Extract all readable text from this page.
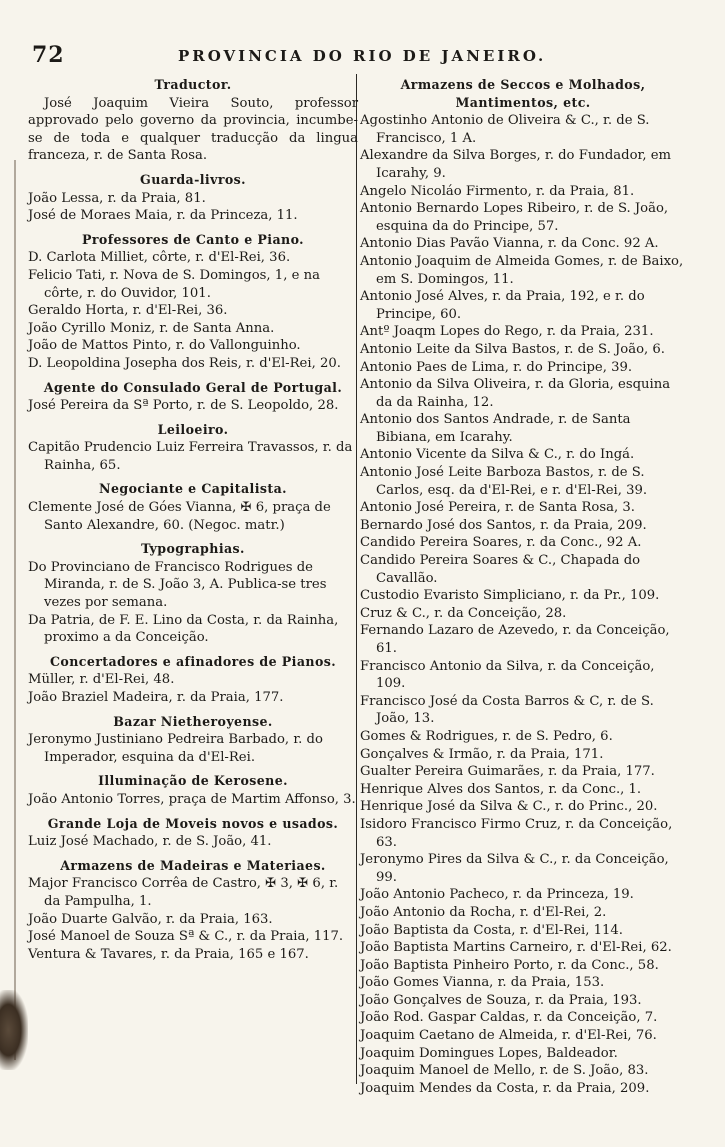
72	PROVINCIA DO RIO DE JANEIRO.
Traductor.
José Joaquim Vieira Souto, professor approvado pelo governo da provincia, incumbe-se de toda e qualquer traducção da lingua franceza, r. de Santa Rosa.
Guarda-livros.
João Lessa, r. da Praia, 81.
José de Moraes Maia, r. da Princeza, 11.
Professores de Canto e Piano.
D. Carlota Milliet, côrte, r. d'El-Rei, 36.
Felicio Tati, r. Nova de S. Domingos, 1, e na côrte, r. do Ouvidor, 101.
Geraldo Horta, r. d'El-Rei, 36.
João Cyrillo Moniz, r. de Santa Anna.
João de Mattos Pinto, r. do Vallonguinho.
D. Leopoldina Josepha dos Reis, r. d'El-Rei, 20.
Agente do Consulado Geral de Portugal.
José Pereira da Sª Porto, r. de S. Leopoldo, 28.
Leiloeiro.
Capitão Prudencio Luiz Ferreira Travassos, r. da Rainha, 65.
Negociante e Capitalista.
Clemente José de Góes Vianna, ✠ 6, praça de Santo Alexandre, 60. (Negoc. matr.)
Typographias.
Do Provinciano de Francisco Rodrigues de Miranda, r. de S. João 3, A. Publica-se tres vezes por semana.
Da Patria, de F. E. Lino da Costa, r. da Rainha, proximo a da Conceição.
Concertadores e afinadores de Pianos.
Müller, r. d'El-Rei, 48.
João Braziel Madeira, r. da Praia, 177.
Bazar Nietheroyense.
Jeronymo Justiniano Pedreira Barbado, r. do Imperador, esquina da d'El-Rei.
Illuminação de Kerosene.
João Antonio Torres, praça de Martim Affonso, 3.
Grande Loja de Moveis novos e usados.
Luiz José Machado, r. de S. João, 41.
Armazens de Madeiras e Materiaes.
Major Francisco Corrêa de Castro, ✠ 3, ✠ 6, r. da Pampulha, 1.
João Duarte Galvão, r. da Praia, 163.
José Manoel de Souza Sª & C., r. da Praia, 117.
Ventura & Tavares, r. da Praia, 165 e 167.
Armazens de Seccos e Molhados, Mantimentos, etc.
Agostinho Antonio de Oliveira & C., r. de S. Francisco, 1 A.
Alexandre da Silva Borges, r. do Fundador, em Icarahy, 9.
Angelo Nicoláo Firmento, r. da Praia, 81.
Antonio Bernardo Lopes Ribeiro, r. de S. João, esquina da do Principe, 57.
Antonio Dias Pavão Vianna, r. da Conc. 92 A.
Antonio Joaquim de Almeida Gomes, r. de Baixo, em S. Domingos, 11.
Antonio José Alves, r. da Praia, 192, e r. do Principe, 60.
Antº Joaqm Lopes do Rego, r. da Praia, 231.
Antonio Leite da Silva Bastos, r. de S. João, 6.
Antonio Paes de Lima, r. do Principe, 39.
Antonio da Silva Oliveira, r. da Gloria, esquina da da Rainha, 12.
Antonio dos Santos Andrade, r. de Santa Bibiana, em Icarahy.
Antonio Vicente da Silva & C., r. do Ingá.
Antonio José Leite Barboza Bastos, r. de S. Carlos, esq. da d'El-Rei, e r. d'El-Rei, 39.
Antonio José Pereira, r. de Santa Rosa, 3.
Bernardo José dos Santos, r. da Praia, 209.
Candido Pereira Soares, r. da Conc., 92 A.
Candido Pereira Soares & C., Chapada do Cavallão.
Custodio Evaristo Simpliciano, r. da Pr., 109.
Cruz & C., r. da Conceição, 28.
Fernando Lazaro de Azevedo, r. da Conceição, 61.
Francisco Antonio da Silva, r. da Conceição, 109.
Francisco José da Costa Barros & C, r. de S. João, 13.
Gomes & Rodrigues, r. de S. Pedro, 6.
Gonçalves & Irmão, r. da Praia, 171.
Gualter Pereira Guimarães, r. da Praia, 177.
Henrique Alves dos Santos, r. da Conc., 1.
Henrique José da Silva & C., r. do Princ., 20.
Isidoro Francisco Firmo Cruz, r. da Conceição, 63.
Jeronymo Pires da Silva & C., r. da Conceição, 99.
João Antonio Pacheco, r. da Princeza, 19.
João Antonio da Rocha, r. d'El-Rei, 2.
João Baptista da Costa, r. d'El-Rei, 114.
João Baptista Martins Carneiro, r. d'El-Rei, 62.
João Baptista Pinheiro Porto, r. da Conc., 58.
João Gomes Vianna, r. da Praia, 153.
João Gonçalves de Souza, r. da Praia, 193.
João Rod. Gaspar Caldas, r. da Conceição, 7.
Joaquim Caetano de Almeida, r. d'El-Rei, 76.
Joaquim Domingues Lopes, Baldeador.
Joaquim Manoel de Mello, r. de S. João, 83.
Joaquim Mendes da Costa, r. da Praia, 209.
